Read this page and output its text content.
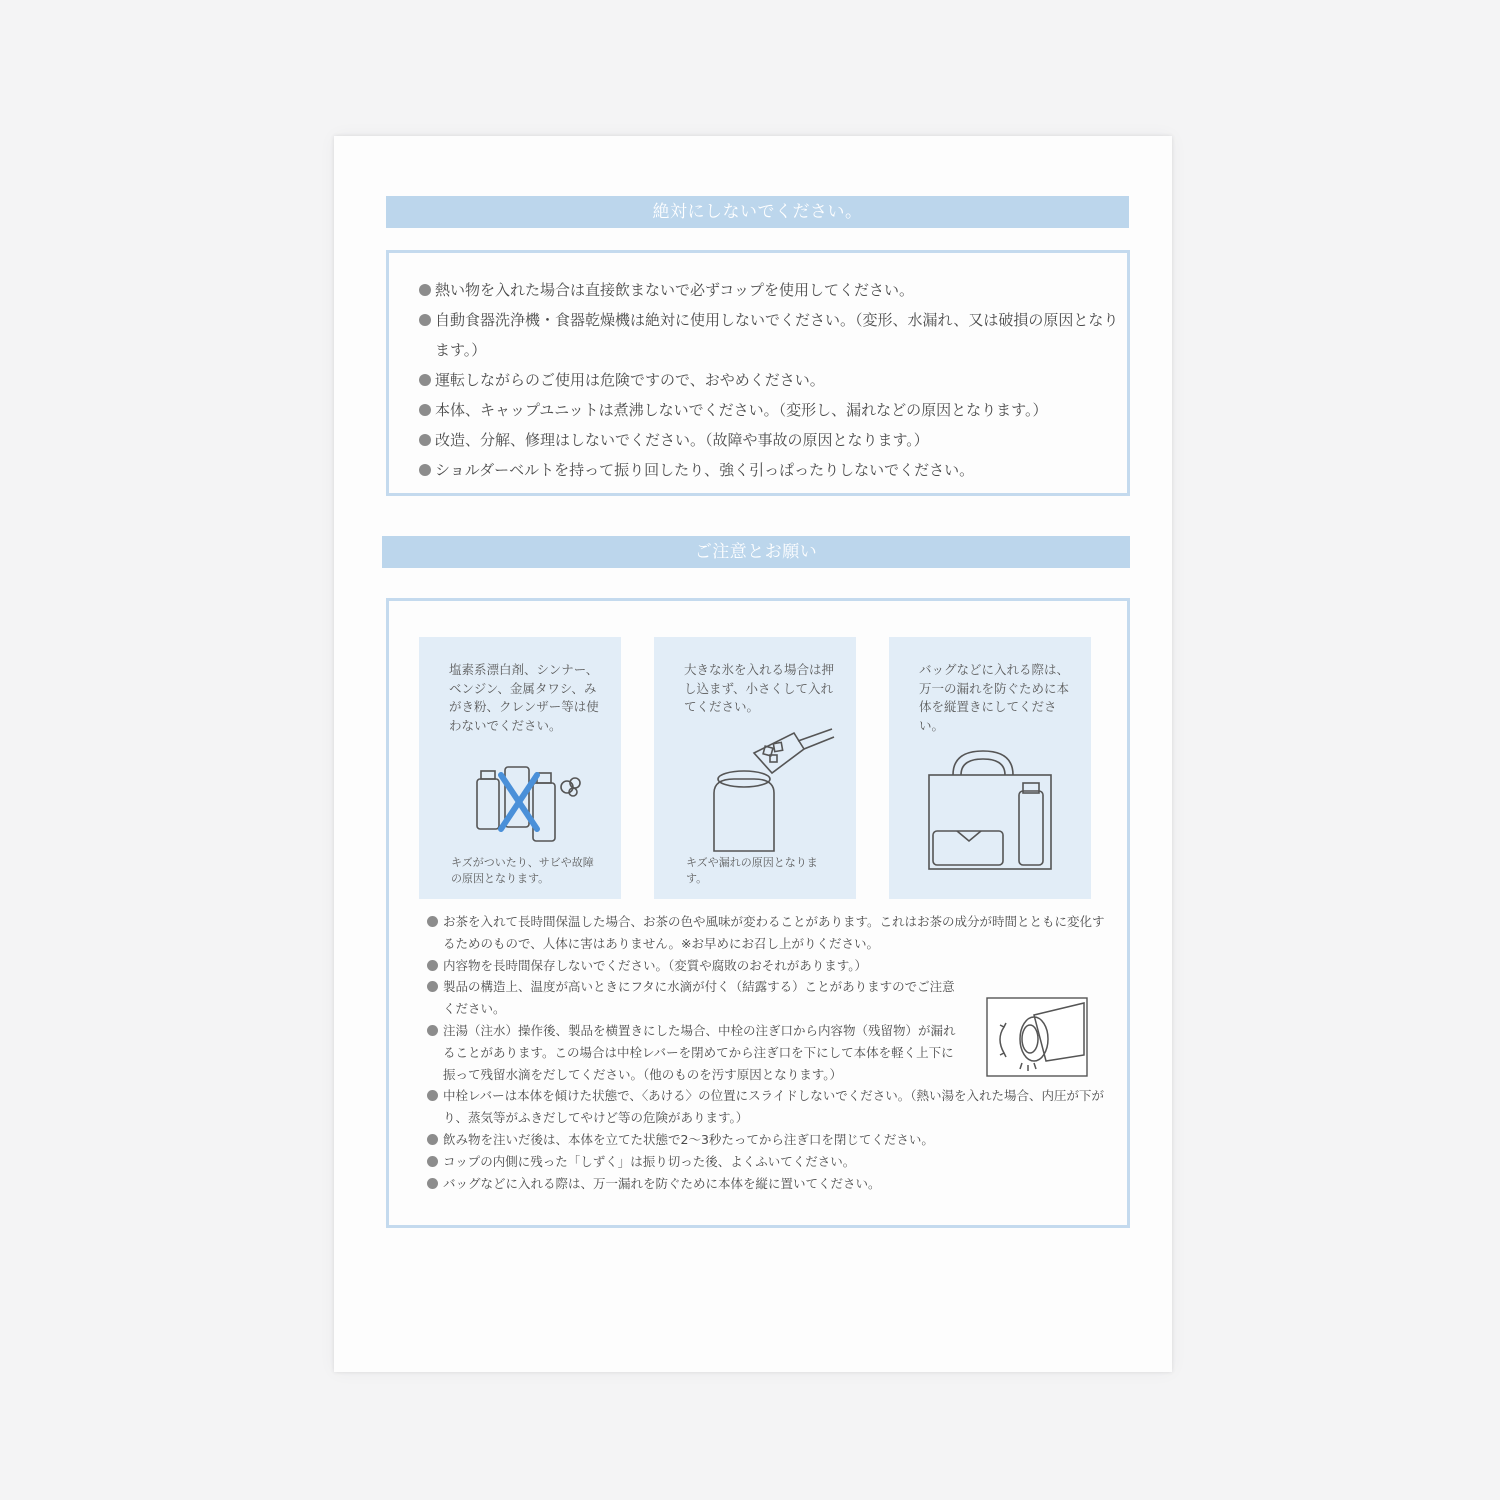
絶対にしないでください。
熱い物を入れた場合は直接飲まないで必ずコップを使用してください。
自動食器洗浄機・食器乾燥機は絶対に使用しないでください。（変形、水漏れ、又は破損の原因となります。）
運転しながらのご使用は危険ですので、おやめください。
本体、キャップユニットは煮沸しないでください。（変形し、漏れなどの原因となります。）
改造、分解、修理はしないでください。（故障や事故の原因となります。）
ショルダーベルトを持って振り回したり、強く引っぱったりしないでください。
ご注意とお願い
塩素系漂白剤、シンナー、ベンジン、金属タワシ、みがき粉、クレンザー等は使わないでください。
キズがついたり、サビや故障の原因となります。
大きな氷を入れる場合は押し込まず、小さくして入れてください。
キズや漏れの原因となります。
バッグなどに入れる際は、万一の漏れを防ぐために本体を縦置きにしてください。
お茶を入れて長時間保温した場合、お茶の色や風味が変わることがあります。これはお茶の成分が時間とともに変化するためのもので、人体に害はありません。※お早めにお召し上がりください。
内容物を長時間保存しないでください。（変質や腐敗のおそれがあります。）
製品の構造上、温度が高いときにフタに水滴が付く（結露する）ことがありますのでご注意ください。
注湯（注水）操作後、製品を横置きにした場合、中栓の注ぎ口から内容物（残留物）が漏れることがあります。この場合は中栓レバーを閉めてから注ぎ口を下にして本体を軽く上下に振って残留水滴をだしてください。（他のものを汚す原因となります。）
中栓レバーは本体を傾けた状態で、〈あける〉の位置にスライドしないでください。（熱い湯を入れた場合、内圧が下がり、蒸気等がふきだしてやけど等の危険があります。）
飲み物を注いだ後は、本体を立てた状態で2〜3秒たってから注ぎ口を閉じてください。
コップの内側に残った「しずく」は振り切った後、よくふいてください。
バッグなどに入れる際は、万一漏れを防ぐために本体を縦に置いてください。
